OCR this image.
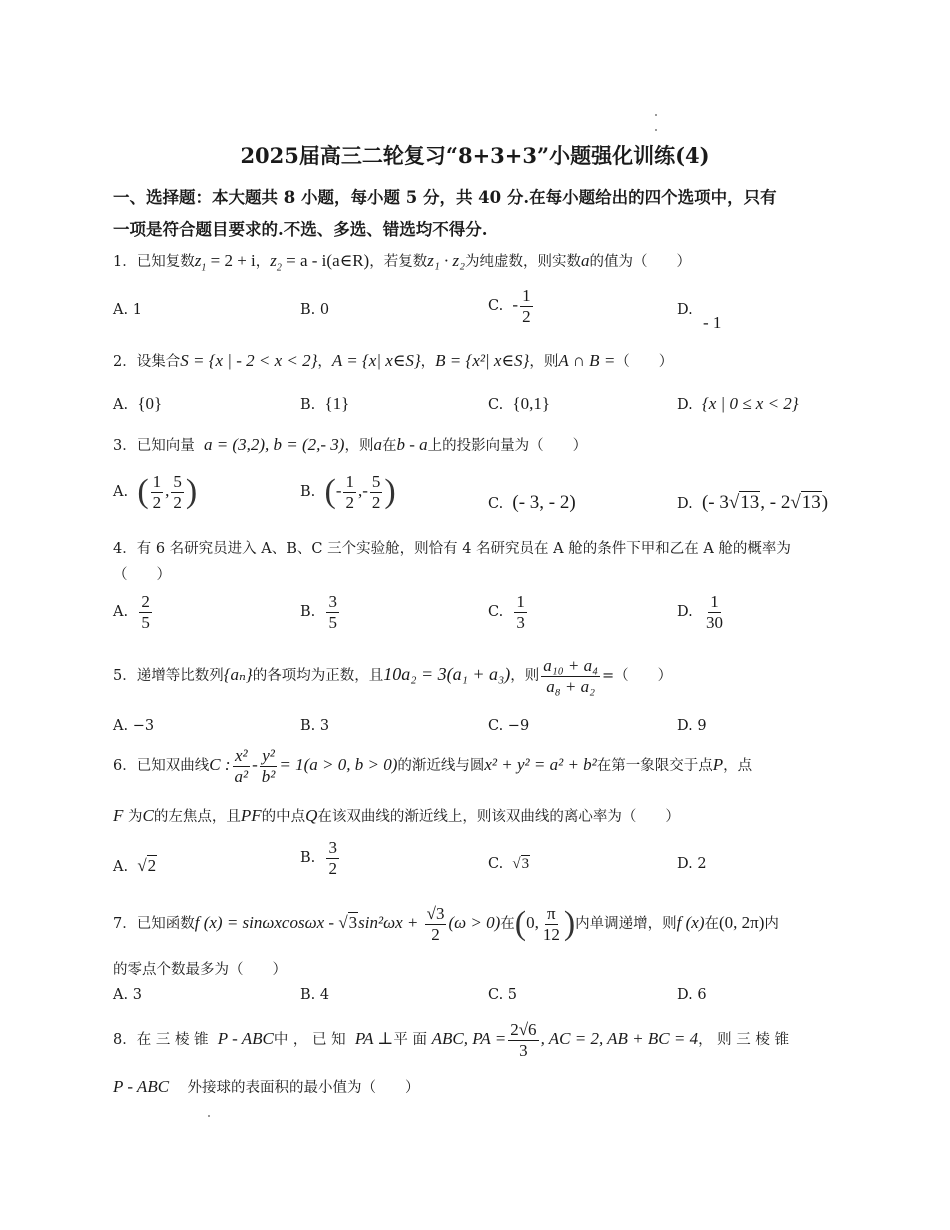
2025届高三二轮复习“8+3+3”小题强化训练(4)
一、选择题：本大题共 8 小题，每小题 5 分，共 40 分.在每小题给出的四个选项中，只有
一项是符合题目要求的.不选、多选、错选均不得分.
1．已知复数$z_1 = 2 + i$，$z_2 = a$ - i(a∈R)，若复数z₁ · z₂为纯虚数，则实数a的值为（　　）
A. 1	B. 0	C. - $\frac{1}{2}$	D.
- 1
2．设集合S = {x | - 2 < x < 2}，A = {x| x∈S}，B = {x²| x∈S}，则A ∩ B =（　　）
A. {0}	B. {1}	C. {0,1}	D. {x | 0 ≤ x < 2}
3．已知向量 a = (3,2), b = (2,- 3)，则a在b - a上的投影向量为（　　）
A. ( $\frac{1}{2}$ , $\frac{5}{2}$ )	B. (- $\frac{1}{2}$ ,- $\frac{5}{2}$ )	C. (- 3, - 2)	D. (- 3√13, - 2√13)
4．有 6 名研究员进入 A、B、C 三个实验舱，则恰有 4 名研究员在 A 舱的条件下甲和乙在 A 舱的概率为
（　　）
A. $\frac{2}{5}$	B. $\frac{3}{5}$	C. $\frac{1}{3}$	D. $\frac{1}{30}$
5．递增等比数列{aₙ}的各项均为正数，且10a₂ = 3(a₁ + a₃)，则 $\frac{\text{a₁₀ + a₄}}{\text{a₈ + a₂}}$ =（　　）
A. −3	B. 3	C. −9	D. 9
6．已知双曲线C : $\frac{\text{x²}}{\text{a²}} - \frac{\text{y²}}{\text{b²}} = 1(a > 0$, b > 0)的渐近线与圆x² + y² = a² + b²在第一象限交于点P，点
F 为C的左焦点，且PF的中点Q在该双曲线的渐近线上，则该双曲线的离心率为（　　）
A. √2	B. $\frac{3}{2}$	C. √3	D. 2
7．已知函数f $(x) = \sin\omega xcos\omega x - √3\sin^2\omega x + \frac{√3}{2} (\omega > 0)$在(0, $\frac{\pi}{12}$ )内单调递增，则f (x)在(0, 2π)内
的零点个数最多为（　　）
A. 3	B. 4	C. 5	D. 6
8．在 三 棱 锥 P - ABC中 ， 已 知 PA ⊥平 面 ABC, PA = $\frac{2√6}{3}$ , AC = 2, AB + BC = 4， 则 三 棱 锥
P - ABC 外接球的表面积的最小值为（　　）
